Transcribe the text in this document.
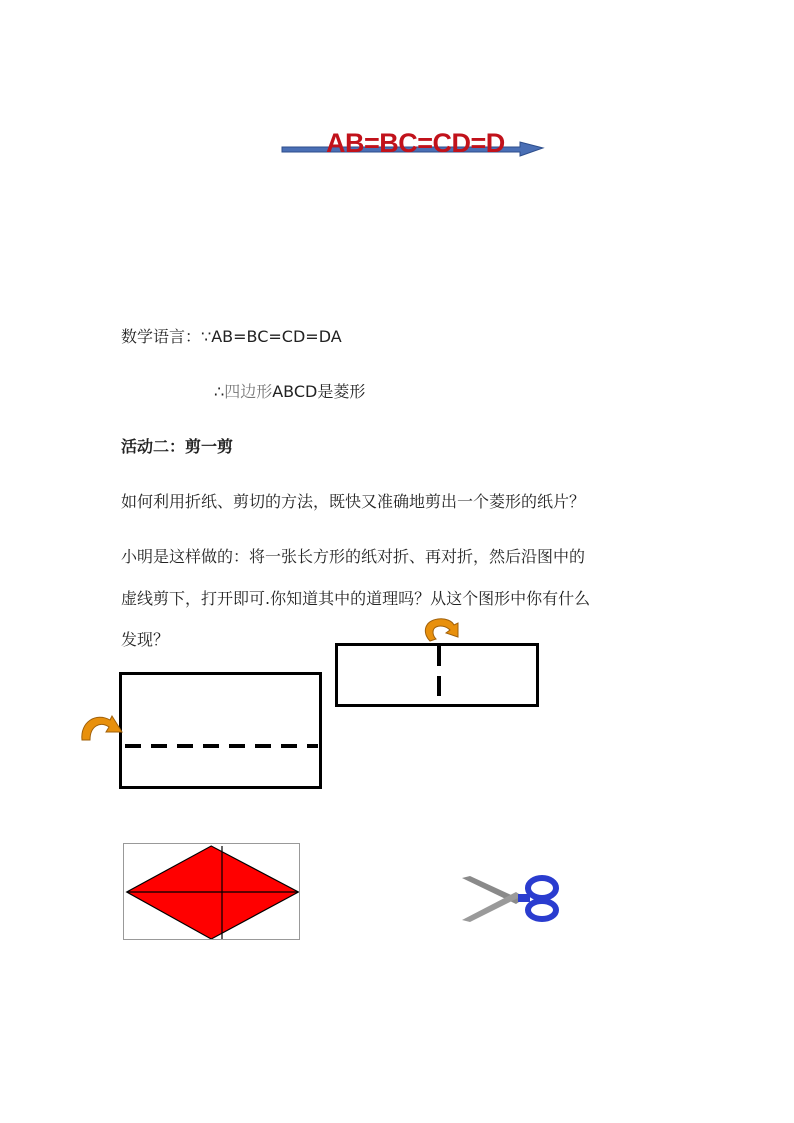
AB=BC=CD=D
数学语言：∵AB=BC=CD=DA
∴四边形ABCD是菱形
活动二：剪一剪
如何利用折纸、剪切的方法，既快又准确地剪出一个菱形的纸片？
小明是这样做的：将一张长方形的纸对折、再对折，然后沿图中的
虚线剪下，打开即可.你知道其中的道理吗？从这个图形中你有什么
发现？
